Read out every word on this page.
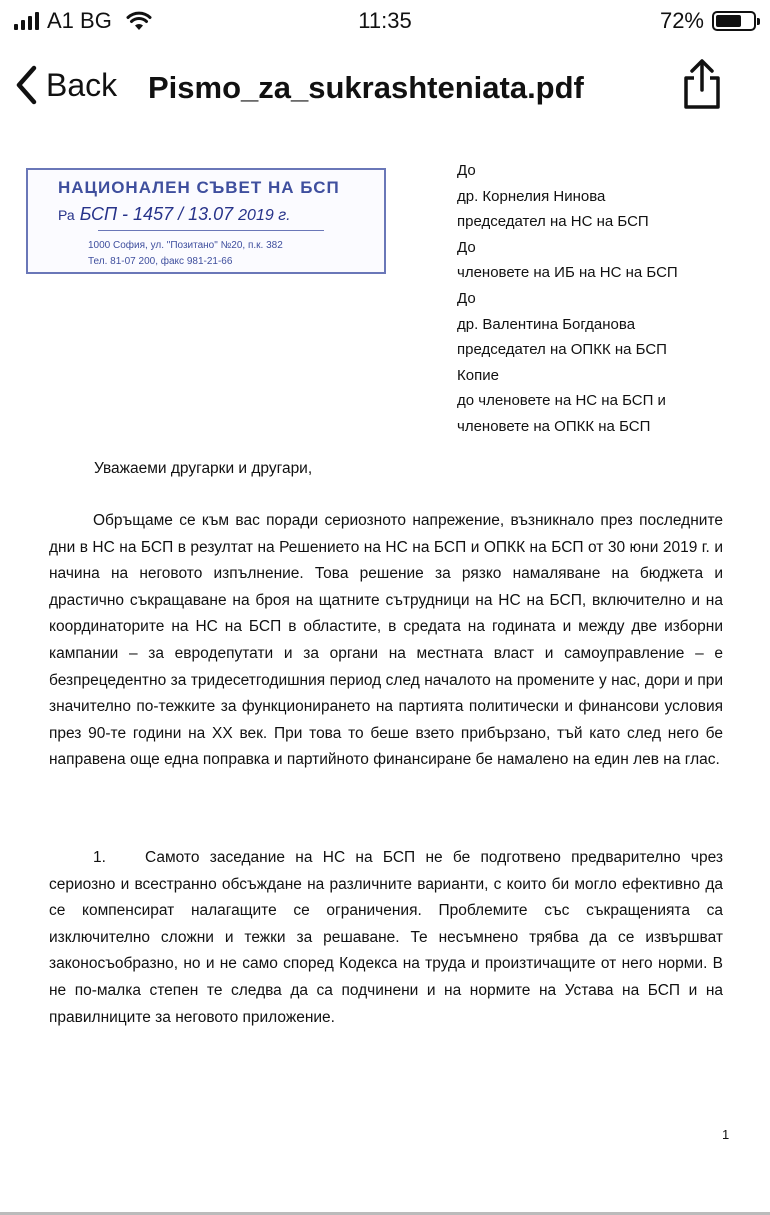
A1 BG	11:35	72%
Back Pismo_za_sukrashteniata.pdf
НАЦИОНАЛЕН СЪВЕТ НА БСП
Ра БСП - 1457 / 13.07 2019 г.
1000 София, ул. "Позитано" №20, п.к. 382
Тел. 81-07 200, факс 981-21-66
До
др. Корнелия Нинова
председател на НС на БСП
До
членовете на ИБ на НС на БСП
До
др. Валентина Богданова
председател на ОПКК на БСП
Копие
до членовете на НС на БСП и
членовете на ОПКК на БСП
Уважаеми другарки и другари,

Обръщаме се към вас поради сериозното напрежение, възникнало през последните дни в НС на БСП в резултат на Решението на НС на БСП и ОПКК на БСП от 30 юни 2019 г. и начина на неговото изпълнение. Това решение за рязко намаляване на бюджета и драстично съкращаване на броя на щатните сътрудници на НС на БСП, включително и на координаторите на НС на БСП в областите, в средата на годината и между две изборни кампании – за евродепутати и за органи на местната власт и самоуправление – е безпрецедентно за тридесетгодишния период след началото на промените у нас, дори и при значително по-тежките за функционирането на партията политически и финансови условия през 90-те години на ХХ век. При това то беше взето прибързано, тъй като след него бе направена още една поправка и партийното финансиране бе намалено на един лев на глас.

1.	Самото заседание на НС на БСП не бе подготвено предварително чрез сериозно и всестранно обсъждане на различните варианти, с които би могло ефективно да се компенсират налагащите се ограничения. Проблемите със съкращенията са изключително сложни и тежки за решаване. Те несъмнено трябва да се извършват законосъобразно, но и не само според Кодекса на труда и произтичащите от него норми. В не по-малка степен те следва да са подчинени и на нормите на Устава на БСП и на правилниците за неговото приложение.

1
